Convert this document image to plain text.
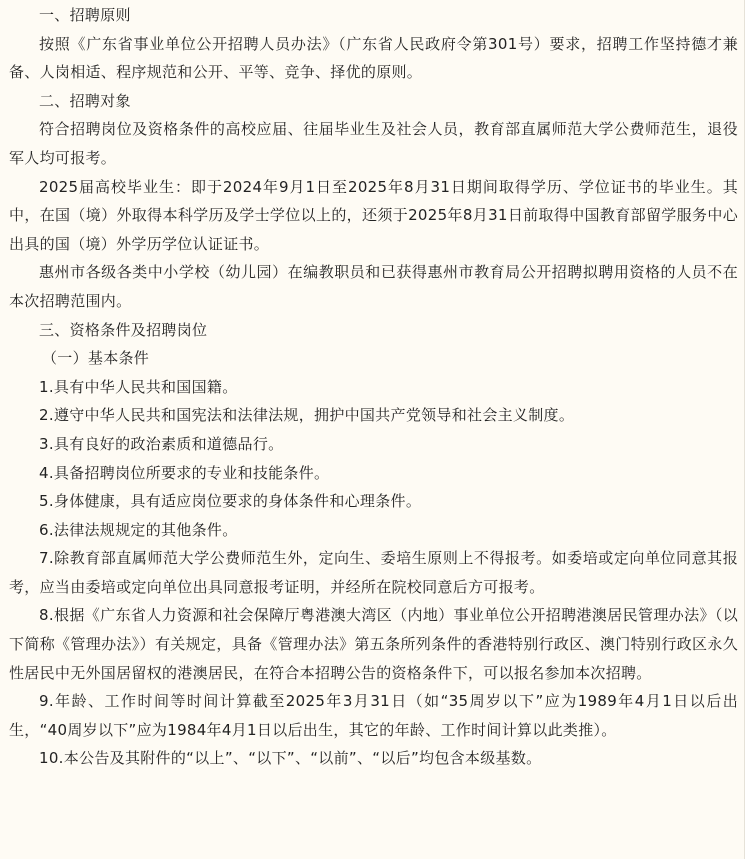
一、招聘原则

按照《广东省事业单位公开招聘人员办法》（广东省人民政府令第301号）要求，招聘工作坚持德才兼备、人岗相适、程序规范和公开、平等、竞争、择优的原则。

二、招聘对象

符合招聘岗位及资格条件的高校应届、往届毕业生及社会人员，教育部直属师范大学公费师范生，退役军人均可报考。

2025届高校毕业生：即于2024年9月1日至2025年8月31日期间取得学历、学位证书的毕业生。其中，在国（境）外取得本科学历及学士学位以上的，还须于2025年8月31日前取得中国教育部留学服务中心出具的国（境）外学历学位认证证书。

惠州市各级各类中小学校（幼儿园）在编教职员和已获得惠州市教育局公开招聘拟聘用资格的人员不在本次招聘范围内。

三、资格条件及招聘岗位

（一）基本条件

1.具有中华人民共和国国籍。

2.遵守中华人民共和国宪法和法律法规，拥护中国共产党领导和社会主义制度。

3.具有良好的政治素质和道德品行。

4.具备招聘岗位所要求的专业和技能条件。

5.身体健康，具有适应岗位要求的身体条件和心理条件。

6.法律法规规定的其他条件。

7.除教育部直属师范大学公费师范生外，定向生、委培生原则上不得报考。如委培或定向单位同意其报考，应当由委培或定向单位出具同意报考证明，并经所在院校同意后方可报考。

8.根据《广东省人力资源和社会保障厅粤港澳大湾区（内地）事业单位公开招聘港澳居民管理办法》（以下简称《管理办法》）有关规定，具备《管理办法》第五条所列条件的香港特别行政区、澳门特别行政区永久性居民中无外国居留权的港澳居民，在符合本招聘公告的资格条件下，可以报名参加本次招聘。

9.年龄、工作时间等时间计算截至2025年3月31日（如“35周岁以下”应为1989年4月1日以后出生，“40周岁以下”应为1984年4月1日以后出生，其它的年龄、工作时间计算以此类推）。

10.本公告及其附件的“以上”、“以下”、“以前”、“以后”均包含本级基数。
